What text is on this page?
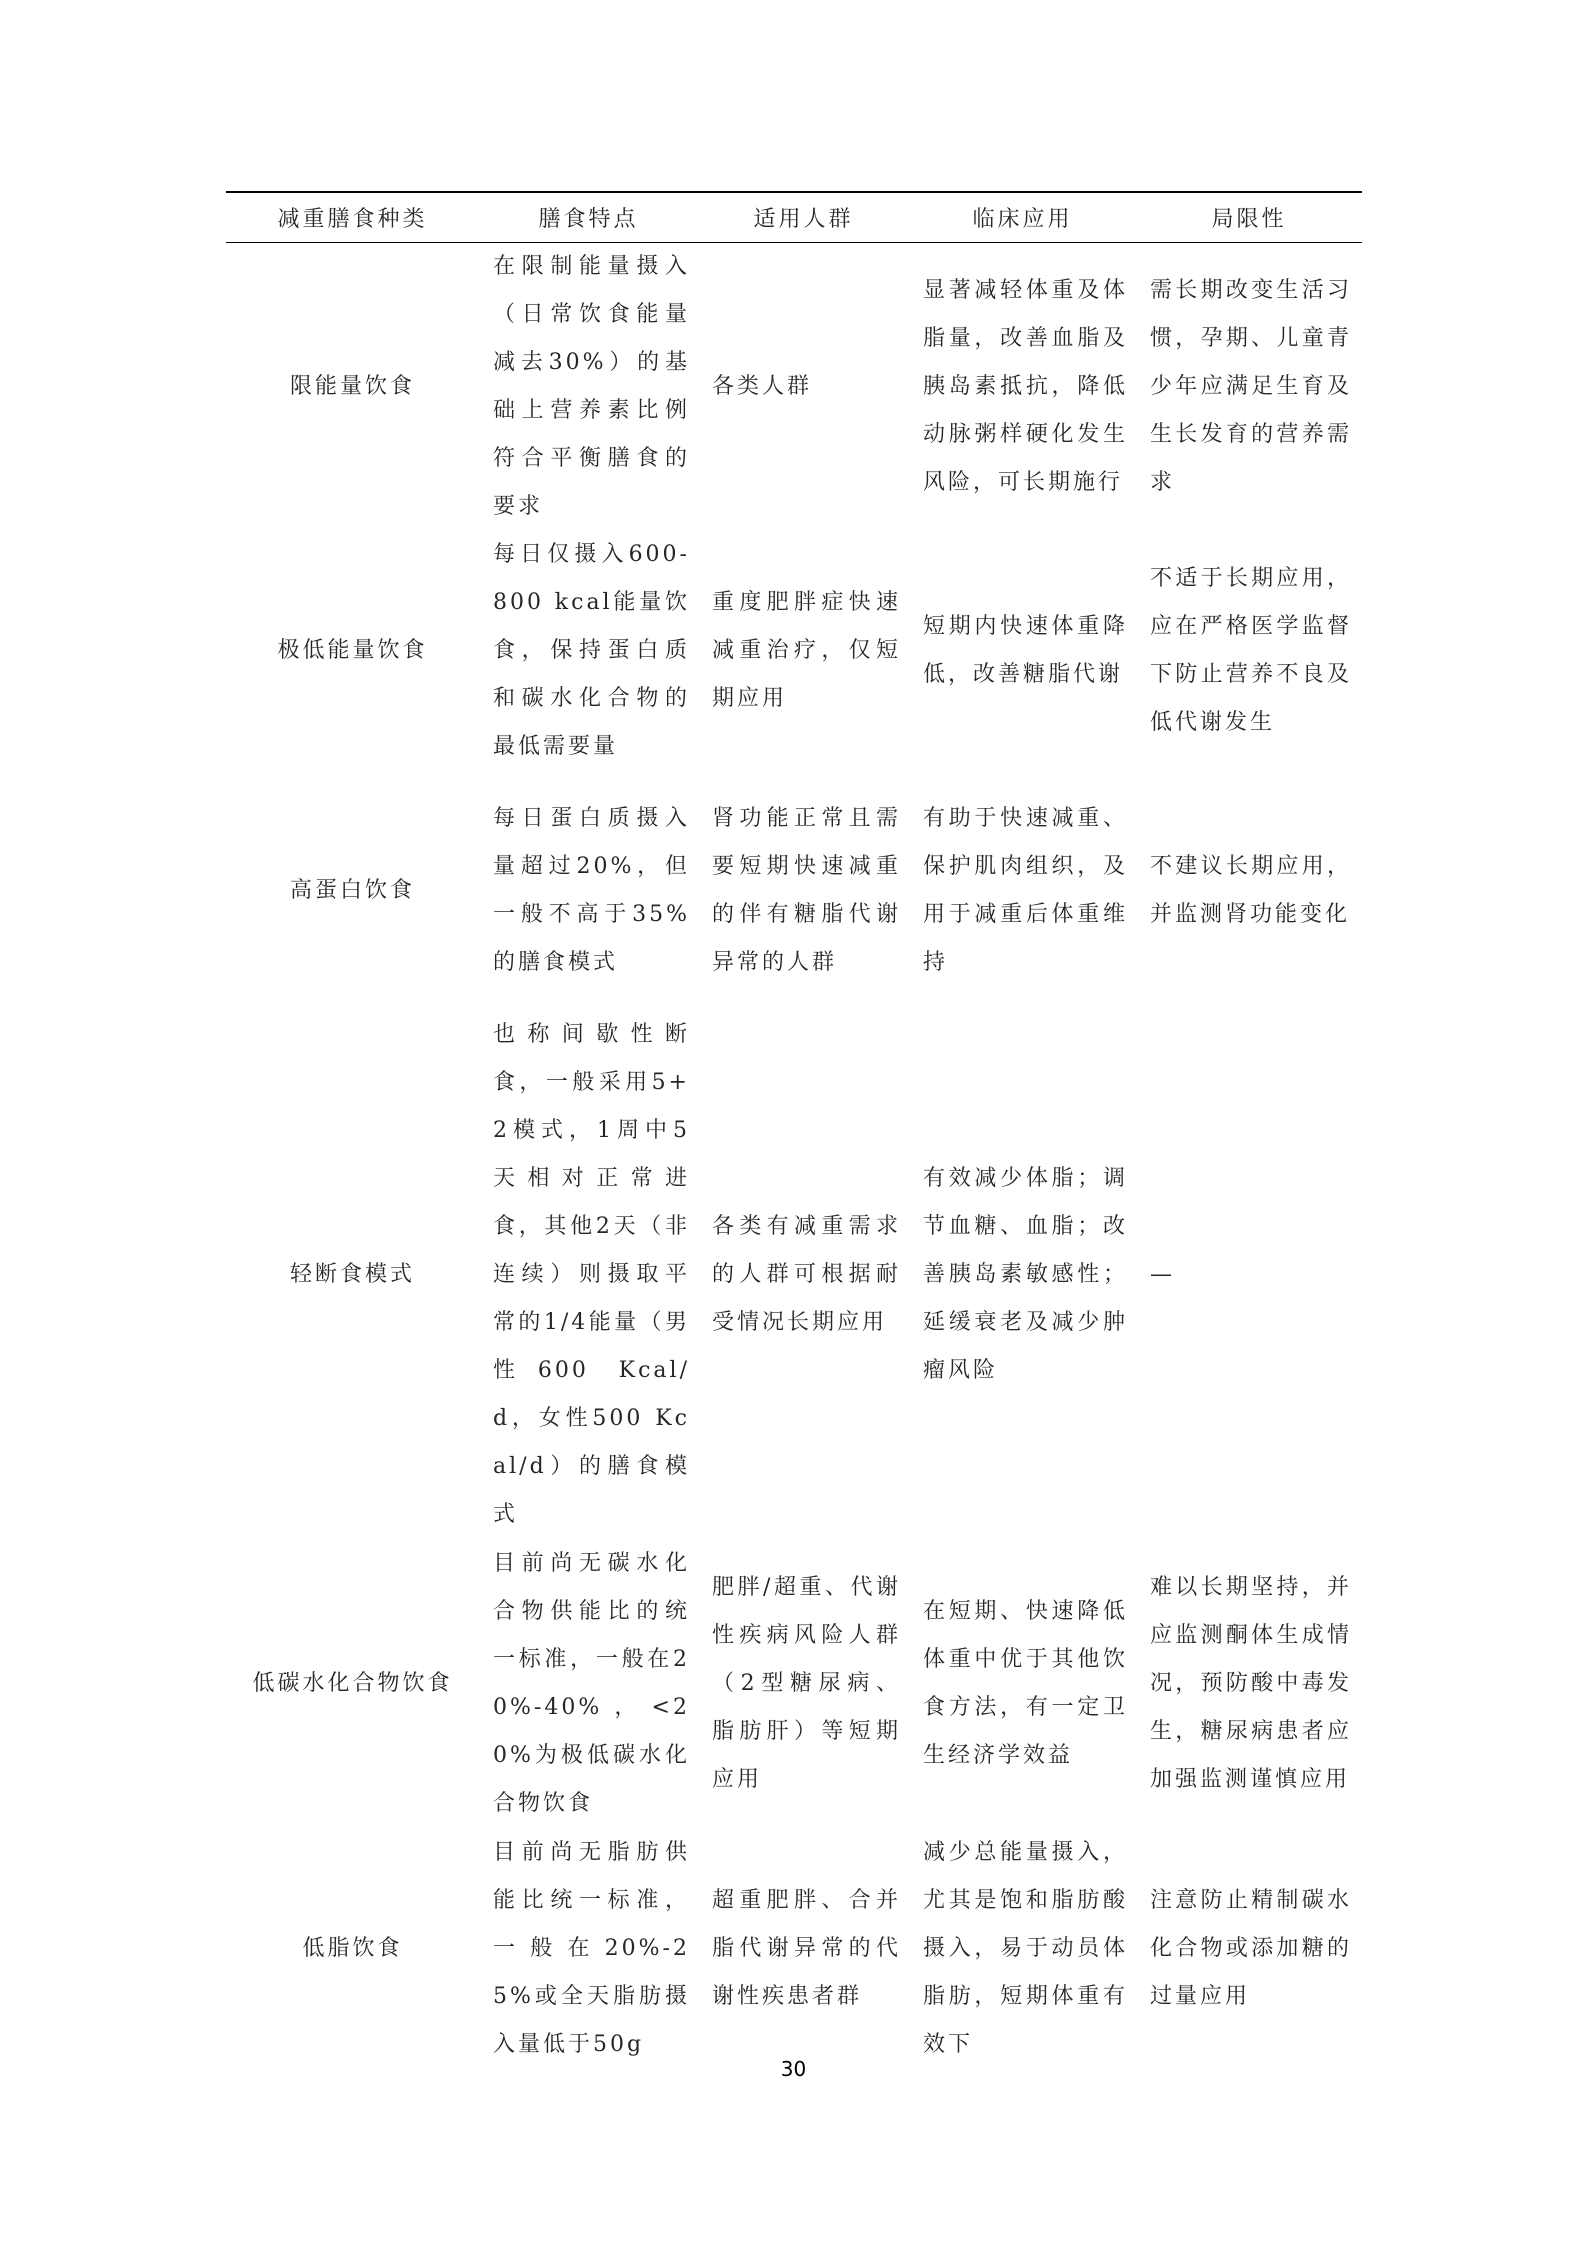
减重膳食种类	膳食特点	适用人群	临床应用	局限性
限能量饮食	在限制能量摄入（日常饮食能量减去30%）的基础上营养素比例符合平衡膳食的要求	各类人群	显著减轻体重及体脂量，改善血脂及胰岛素抵抗，降低动脉粥样硬化发生风险，可长期施行	需长期改变生活习惯，孕期、儿童青少年应满足生育及生长发育的营养需求
极低能量饮食	每日仅摄入600-800 kcal能量饮食，保持蛋白质和碳水化合物的最低需要量	重度肥胖症快速减重治疗，仅短期应用	短期内快速体重降低，改善糖脂代谢	不适于长期应用，应在严格医学监督下防止营养不良及低代谢发生
高蛋白饮食	每日蛋白质摄入量超过20%，但一般不高于35%的膳食模式	肾功能正常且需要短期快速减重的伴有糖脂代谢异常的人群	有助于快速减重、保护肌肉组织，及用于减重后体重维持	不建议长期应用，并监测肾功能变化
轻断食模式	也称间歇性断食，一般采用5+2模式，1周中5天相对正常进食，其他2天（非连续）则摄取平常的1/4能量（男性600 Kcal/d，女性500 Kcal/d）的膳食模式	各类有减重需求的人群可根据耐受情况长期应用	有效减少体脂；调节血糖、血脂；改善胰岛素敏感性；延缓衰老及减少肿瘤风险	—
低碳水化合物饮食	目前尚无碳水化合物供能比的统一标准，一般在20%-40%，<20%为极低碳水化合物饮食	肥胖/超重、代谢性疾病风险人群（2型糖尿病、脂肪肝）等短期应用	在短期、快速降低体重中优于其他饮食方法，有一定卫生经济学效益	难以长期坚持，并应监测酮体生成情况，预防酸中毒发生，糖尿病患者应加强监测谨慎应用
低脂饮食	目前尚无脂肪供能比统一标准，一般在20%-25%或全天脂肪摄入量低于50g	超重肥胖、合并脂代谢异常的代谢性疾患者群	减少总能量摄入，尤其是饱和脂肪酸摄入，易于动员体脂肪，短期体重有效下	注意防止精制碳水化合物或添加糖的过量应用
30
